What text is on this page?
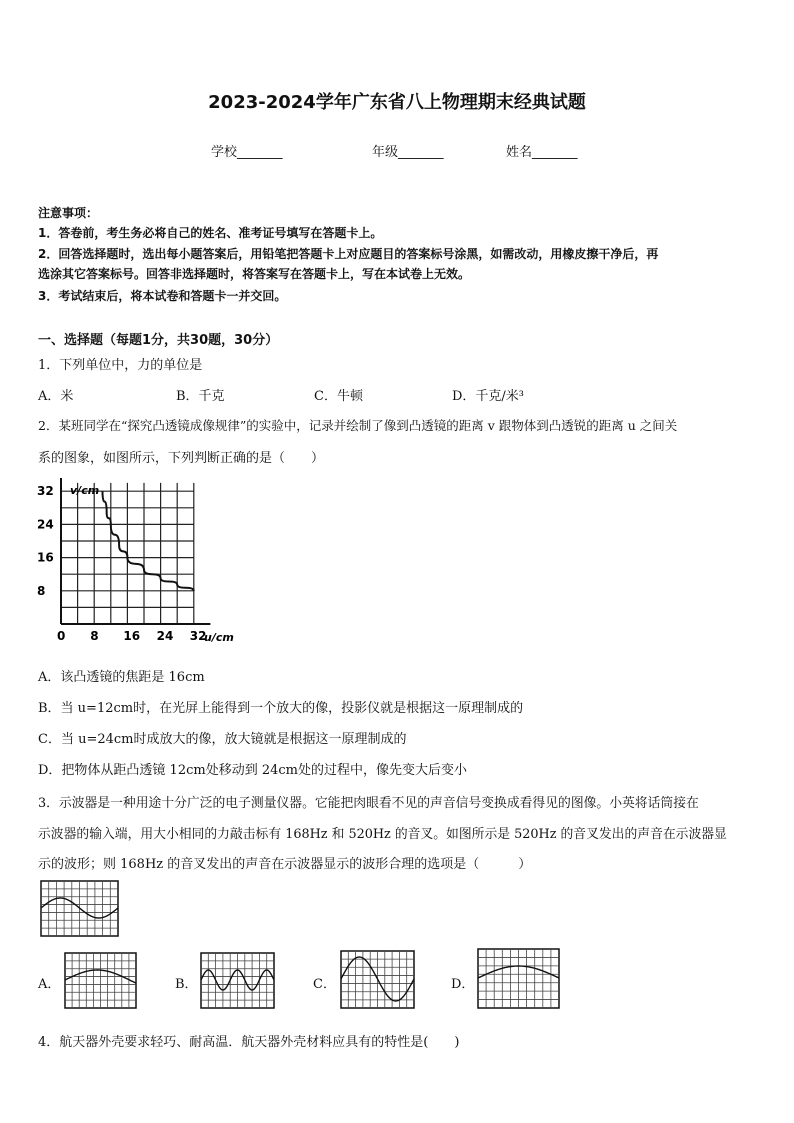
2023-2024学年广东省八上物理期末经典试题
学校_______	年级_______	姓名_______
注意事项：
1．答卷前，考生务必将自己的姓名、准考证号填写在答题卡上。
2．回答选择题时，选出每小题答案后，用铅笔把答题卡上对应题目的答案标号涂黑，如需改动，用橡皮擦干净后，再
选涂其它答案标号。回答非选择题时，将答案写在答题卡上，写在本试卷上无效。
3．考试结束后，将本试卷和答题卡一并交回。
一、选择题（每题1分，共30题，30分）
1．下列单位中，力的单位是
A．米	B．千克	C．牛顿	D．千克/米³
2．某班同学在“探究凸透镜成像规律”的实验中，记录并绘制了像到凸透镜的距离 v 跟物体到凸透锐的距离 u 之间关
系的图象，如图所示，下列判断正确的是（　　）
0 8 16 24 32
8
16
24
32 v/cm
u/cm
A．该凸透镜的焦距是 16cm
B．当 u=12cm时，在光屏上能得到一个放大的像，投影仪就是根据这一原理制成的
C．当 u=24cm时成放大的像，放大镜就是根据这一原理制成的
D．把物体从距凸透镜 12cm处移动到 24cm处的过程中，像先变大后变小
3．示波器是一种用途十分广泛的电子测量仪器。它能把肉眼看不见的声音信号变换成看得见的图像。小英将话筒接在
示波器的输入端，用大小相同的力敲击标有 168Hz 和 520Hz 的音叉。如图所示是 520Hz 的音叉发出的声音在示波器显
示的波形；则 168Hz 的音叉发出的声音在示波器显示的波形合理的选项是（　　　）
A．	B．	C．	D．
4．航天器外壳要求轻巧、耐高温．航天器外壳材料应具有的特性是(　　)
